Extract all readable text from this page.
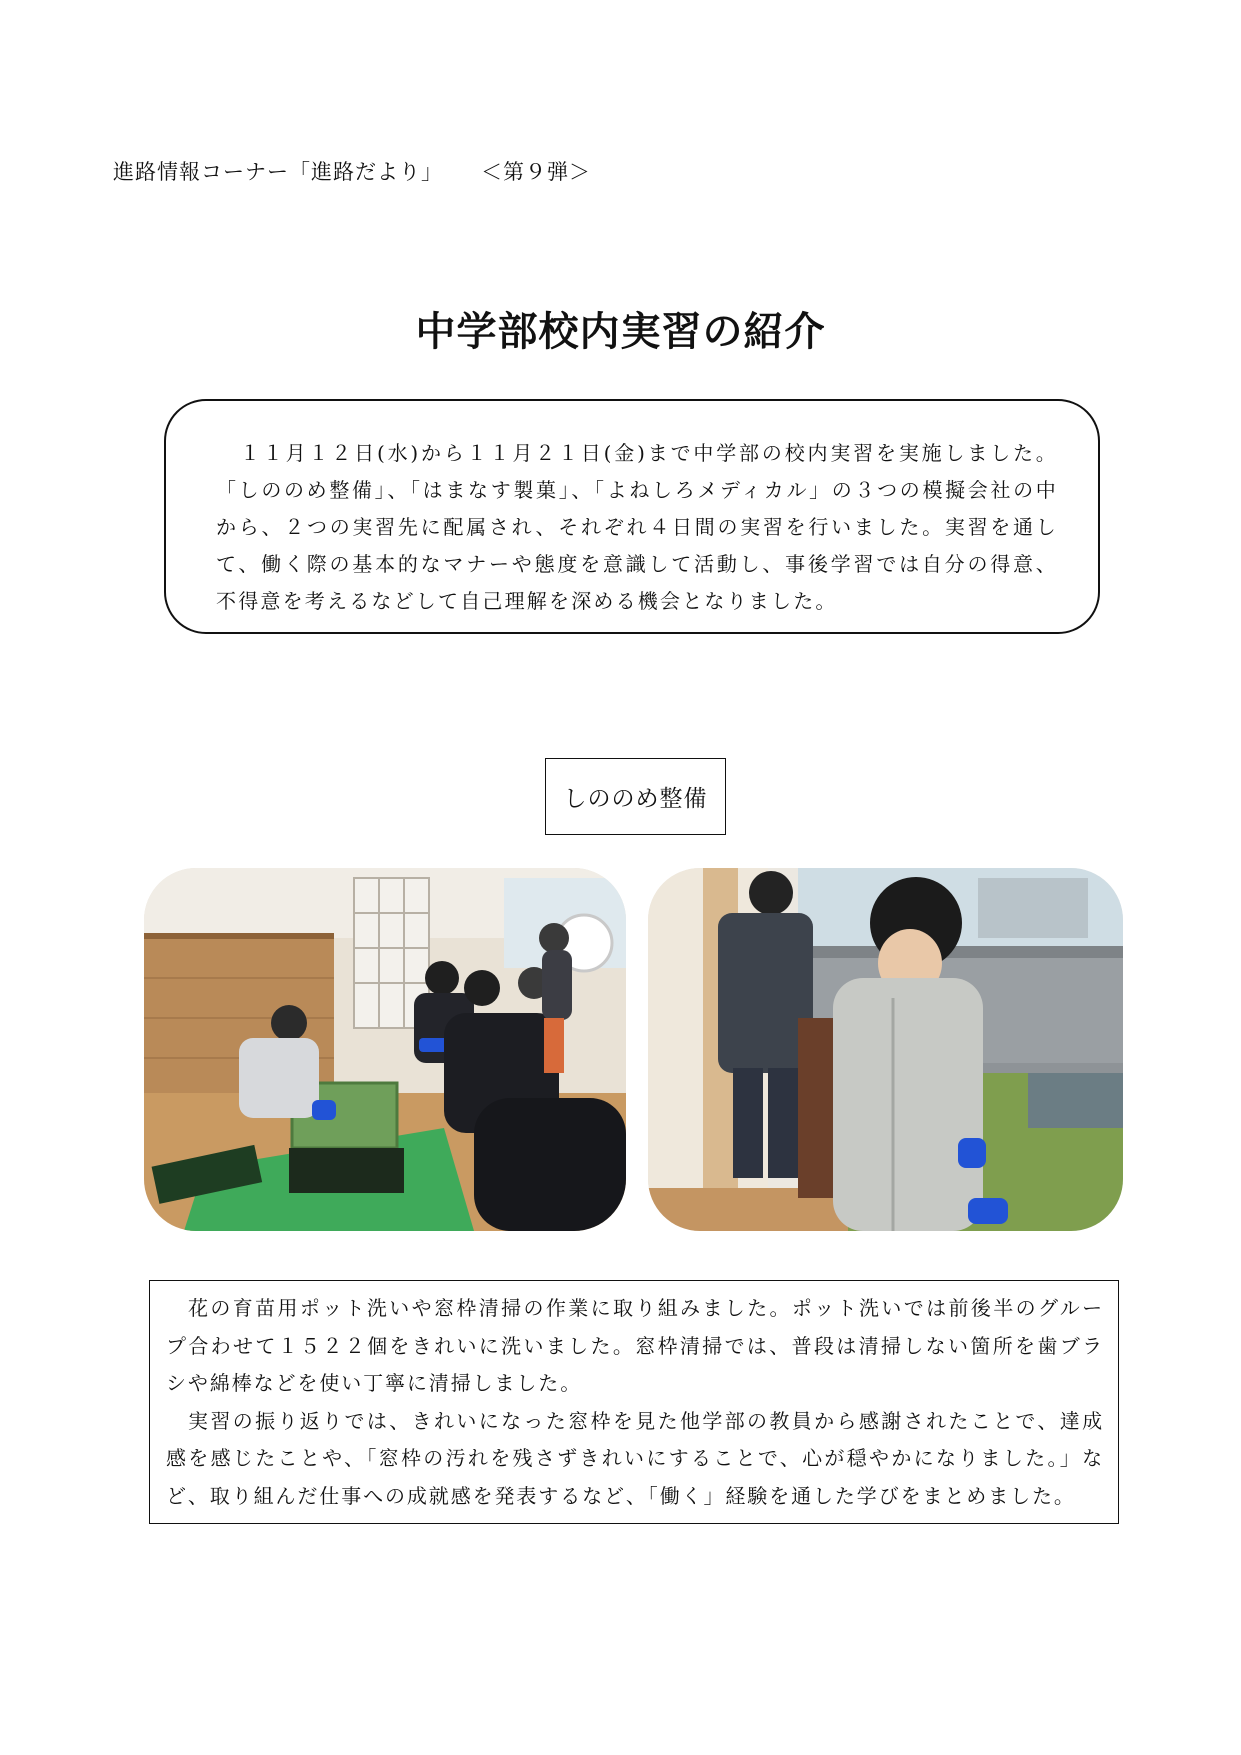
進路情報コーナー「進路だより」 ＜第９弾＞
中学部校内実習の紹介

１１月１２日(水)から１１月２１日(金)まで中学部の校内実習を実施しました。「しののめ整備」、「はまなす製菓」、「よねしろメディカル」の３つの模擬会社の中から、２つの実習先に配属され、それぞれ４日間の実習を行いました。実習を通して、働く際の基本的なマナーや態度を意識して活動し、事後学習では自分の得意、不得意を考えるなどして自己理解を深める機会となりました。

しののめ整備

花の育苗用ポット洗いや窓枠清掃の作業に取り組みました。ポット洗いでは前後半のグループ合わせて１５２２個をきれいに洗いました。窓枠清掃では、普段は清掃しない箇所を歯ブラシや綿棒などを使い丁寧に清掃しました。

実習の振り返りでは、きれいになった窓枠を見た他学部の教員から感謝されたことで、達成感を感じたことや、「窓枠の汚れを残さずきれいにすることで、心が穏やかになりました。」など、取り組んだ仕事への成就感を発表するなど、「働く」経験を通した学びをまとめました。
